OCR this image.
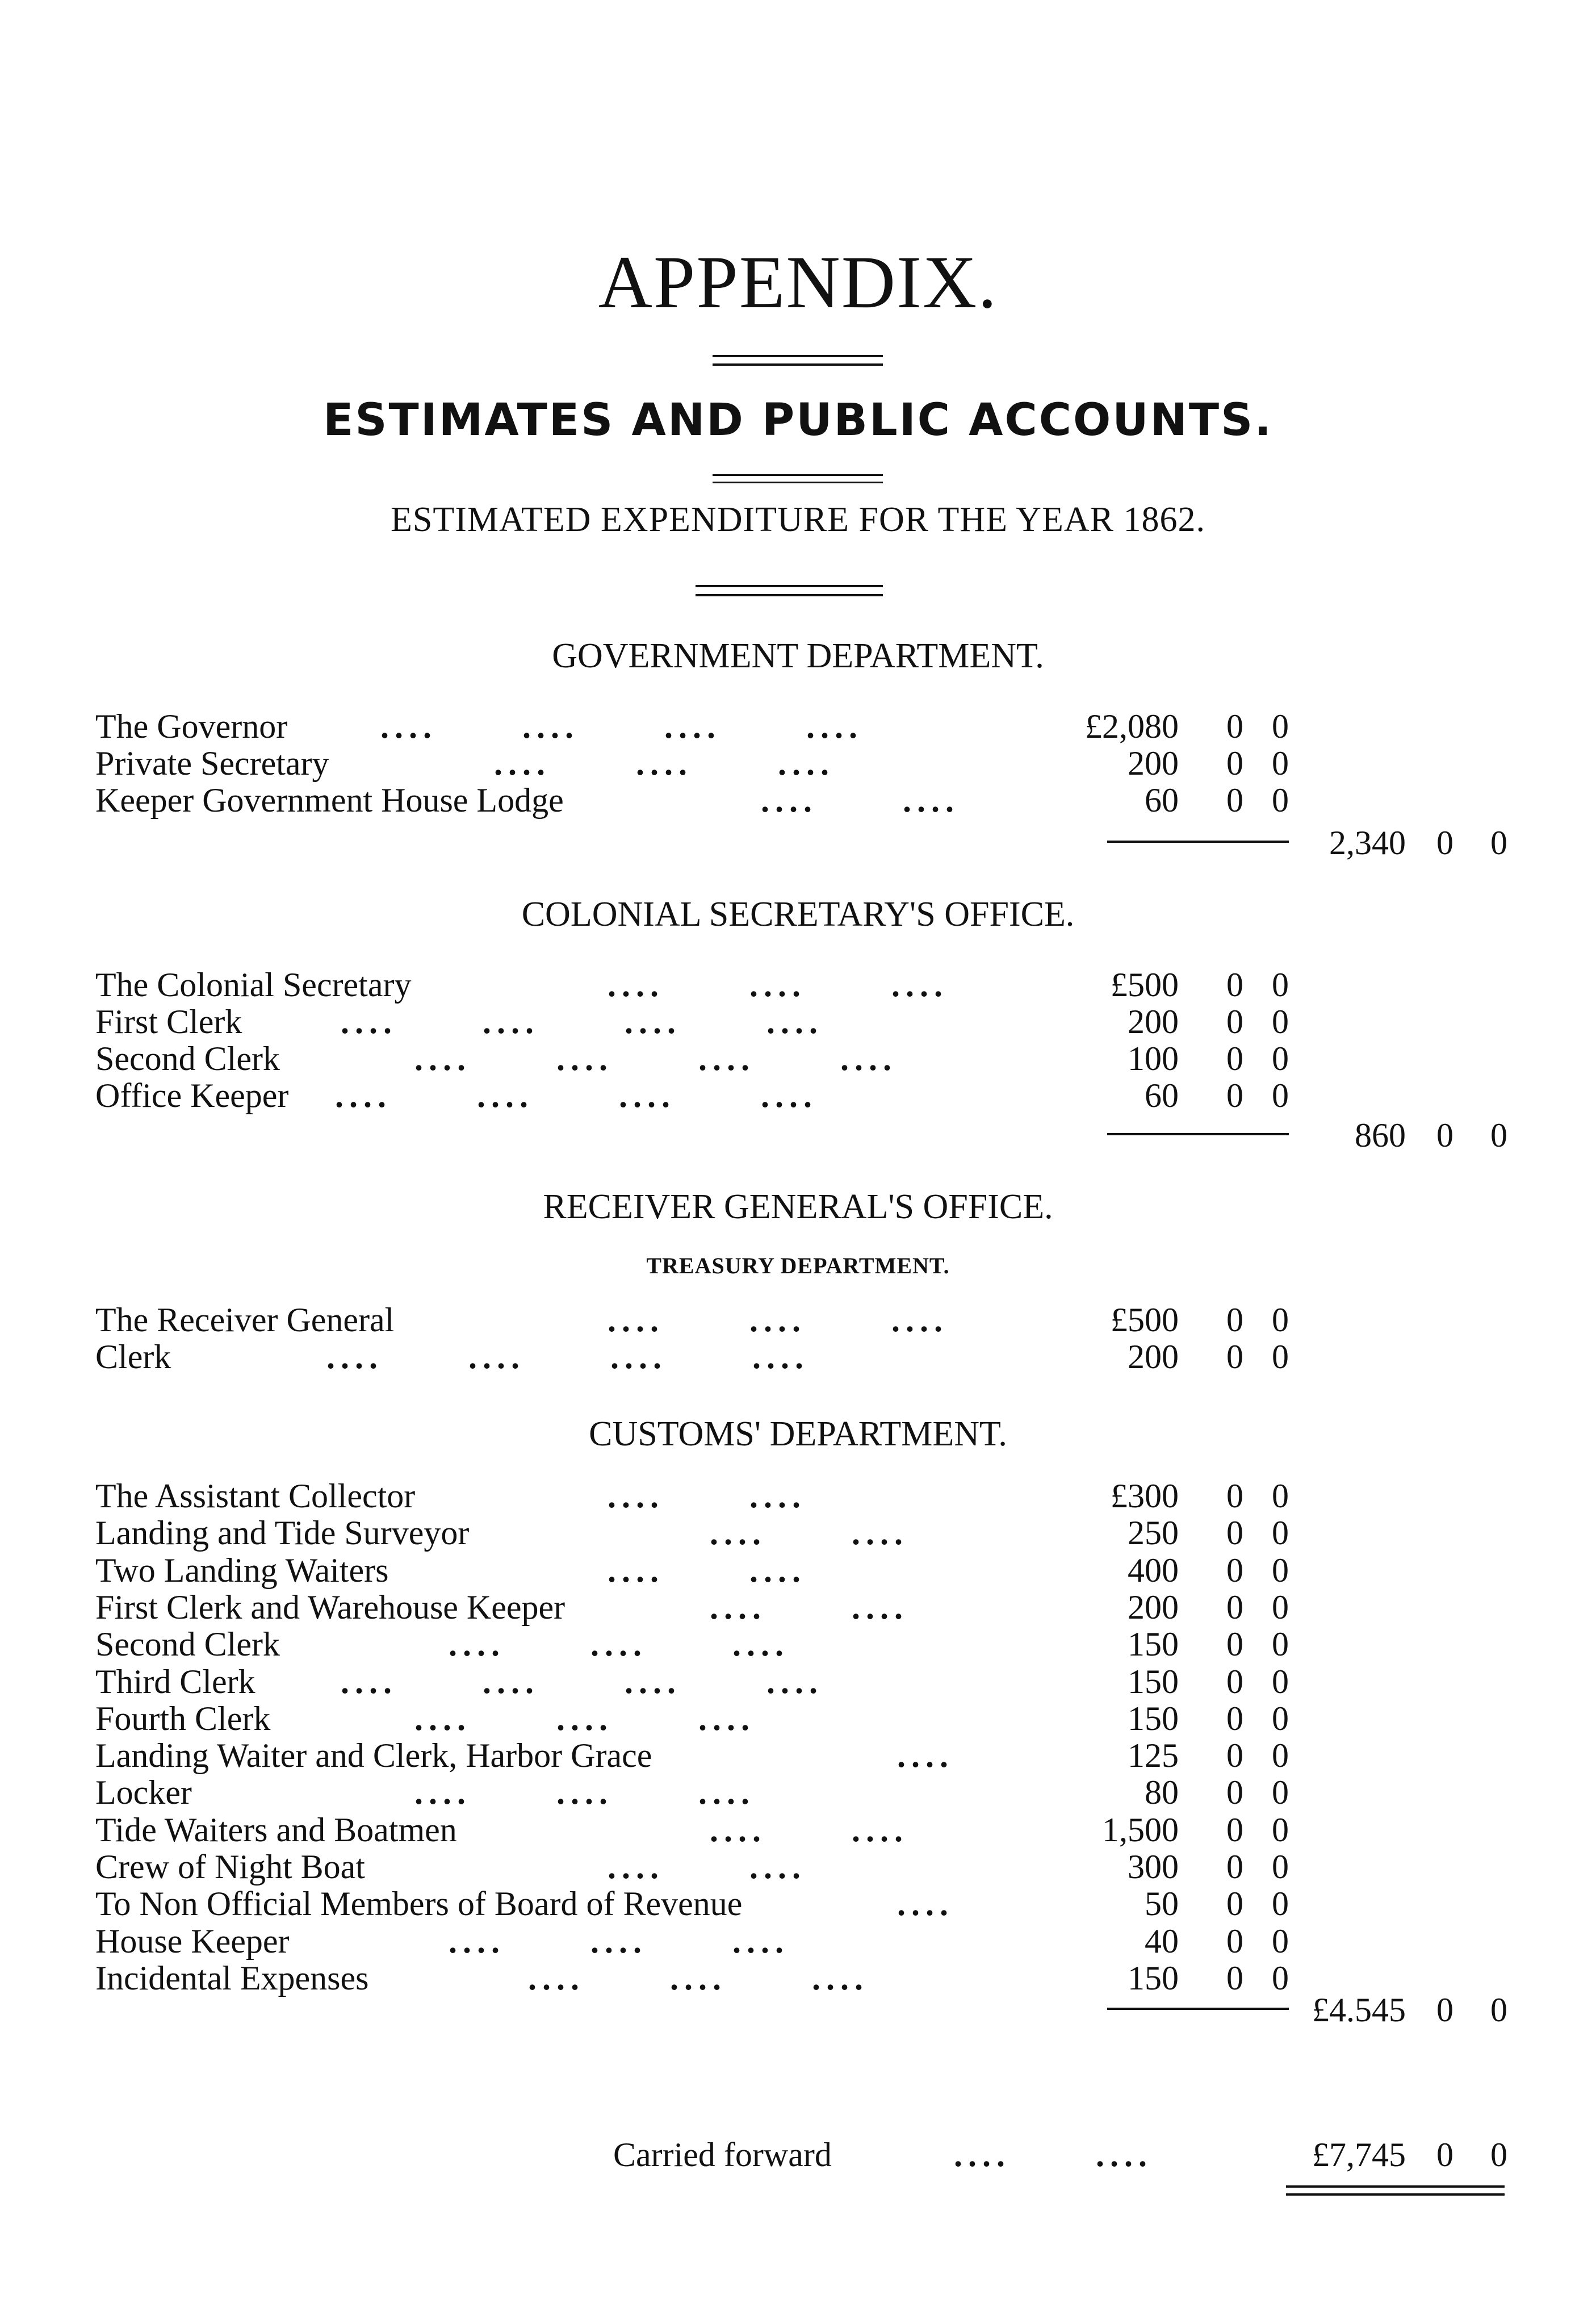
APPENDIX.
ESTIMATES AND PUBLIC ACCOUNTS.
ESTIMATED EXPENDITURE FOR THE YEAR 1862.
GOVERNMENT DEPARTMENT.
The Governor	....      ....      ....      ....	£2,080 0 0
Private Secretary	....      ....      ....	200 0 0
Keeper Government House Lodge	....      ....	60 0 0
2,340 0 0
COLONIAL SECRETARY'S OFFICE.
The Colonial Secretary	....      ....      ....	£500 0 0
First Clerk	....      ....      ....      ....	200 0 0
Second Clerk	....      ....      ....      ....	100 0 0
Office Keeper ....      ....      ....      ....	60 0 0
860 0 0
RECEIVER GENERAL'S OFFICE.
TREASURY DEPARTMENT.
The Receiver General	....      ....      ....	£500 0 0
Clerk	....      ....      ....      ....	200 0 0
CUSTOMS' DEPARTMENT.
The Assistant Collector	....      ....	£300 0 0
Landing and Tide Surveyor	....      ....	250 0 0
Two Landing Waiters	....      ....	400 0 0
First Clerk and Warehouse Keeper	....      ....	200 0 0
Second Clerk	....      ....      ....	150 0 0
Third Clerk	....      ....      ....      ....	150 0 0
Fourth Clerk	....      ....      ....	150 0 0
Landing Waiter and Clerk, Harbor Grace	....	125 0 0
Locker	....      ....      ....	80 0 0
Tide Waiters and Boatmen	....      ....	1,500 0 0
Crew of Night Boat	....      ....	300 0 0
To Non Official Members of Board of Revenue	....	50 0 0
House Keeper	....      ....      ....	40 0 0
Incidental Expenses	....      ....      ....	150 0 0
£4.545 0 0
Carried forward	....      ....	£7,745 0 0
